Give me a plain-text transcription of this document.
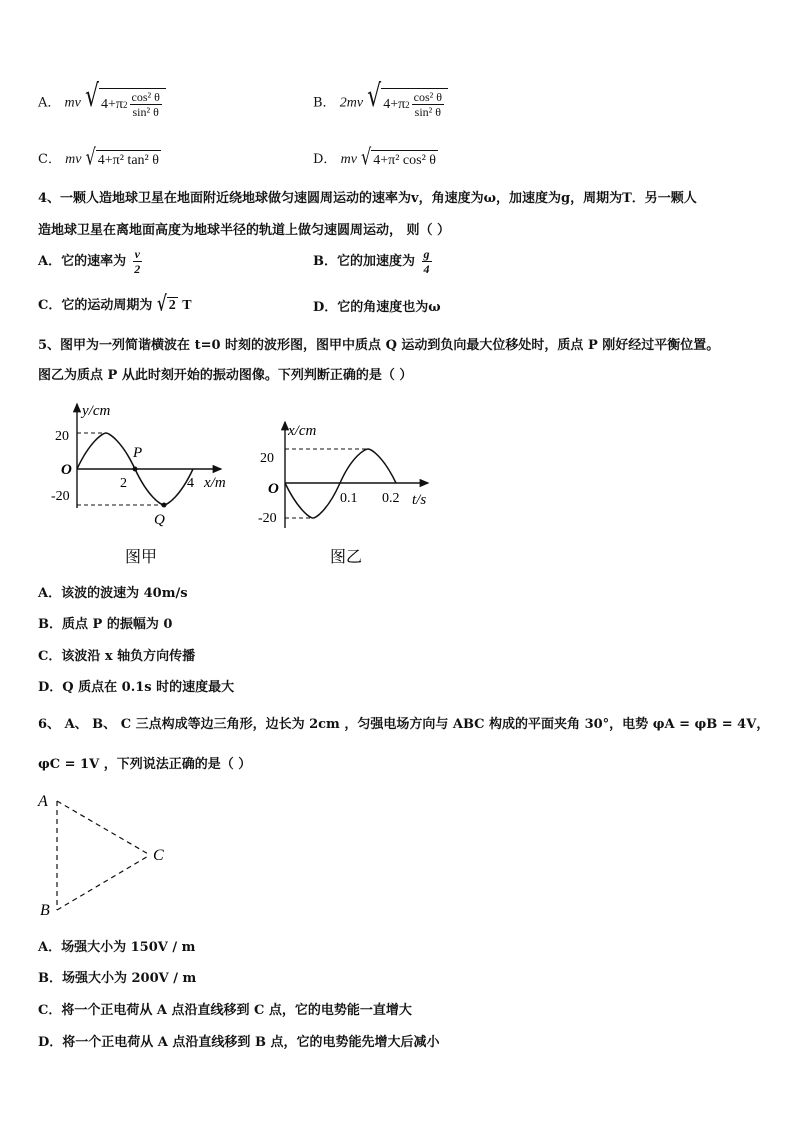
A． mv √ 4+π $2 \frac{\text{cos² θ}}{\text{sin² θ}}$	B． 2mv √ 4+π $2 \frac{\text{cos² θ}}{\text{sin² θ}}$
C． mv √ 4+π² tan² θ	D． mv √ 4+π² cos² θ
4、一颗人造地球卫星在地面附近绕地球做匀速圆周运动的速率为v，角速度为ω，加速度为g，周期为T．另一颗人
造地球卫星在离地面高度为地球半径的轨道上做匀速圆周运动， 则（ ）
A．它的速率为 $\frac{v}{2}$	B．它的加速度为 $\frac{g}{4}$
C．它的运动周期为 √ 2 T	D．它的角速度也为ω
5、图甲为一列简谐横波在 t=0 时刻的波形图，图甲中质点 Q 运动到负向最大位移处时，质点 P 刚好经过平衡位置。
图乙为质点 P 从此时刻开始的振动图像。下列判断正确的是（ ）
y/cm
x/m
O
20
-20
2	4
P
Q
图甲
x/cm
t/s
O
20
-20
0.1 0.2
图乙
A．该波的波速为 40m/s
B．质点 P 的振幅为 0
C．该波沿 x 轴负方向传播
D．Q 质点在 0.1s 时的速度最大
6、 A、 B、 C 三点构成等边三角形，边长为 2cm ，匀强电场方向与 ABC 构成的平面夹角 30°，电势 φA = φB = 4V，
φC = 1V ，下列说法正确的是（ ）
A
B
C
A．场强大小为 150V / m
B．场强大小为 200V / m
C．将一个正电荷从 A 点沿直线移到 C 点，它的电势能一直增大
D．将一个正电荷从 A 点沿直线移到 B 点，它的电势能先增大后减小
